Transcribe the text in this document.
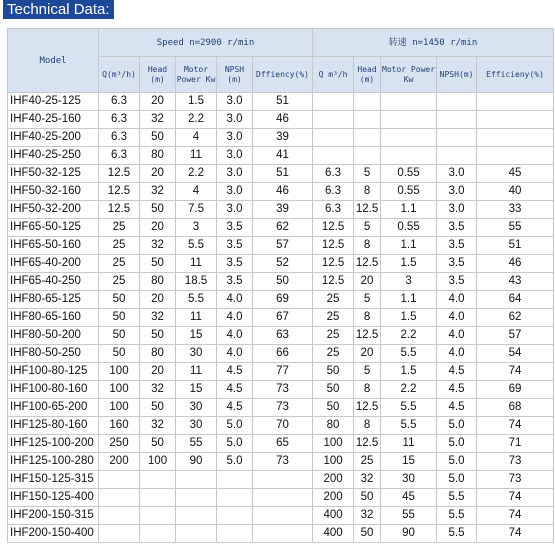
Technical Data:
Model	Speed n=2900 r/min					转速 n=1450 r/min				
	Q(m³/h)	Head (m)	Motor Power Kw	NPSH (m)	Dffiency(%)	Q m³/h	Head (m)	Motor Power Kw	NPSH(m)	Efficieny(%)
IHF40-25-125	6.3	20	1.5	3.0	51					
IHF40-25-160	6.3	32	2.2	3.0	46					
IHF40-25-200	6.3	50	4	3.0	39					
IHF40-25-250	6.3	80	11	3.0	41					
IHF50-32-125	12.5	20	2.2	3.0	51	6.3	5	0.55	3.0	45
IHF50-32-160	12.5	32	4	3.0	46	6.3	8	0.55	3.0	40
IHF50-32-200	12.5	50	7.5	3.0	39	6.3	12.5	1.1	3.0	33
IHF65-50-125	25	20	3	3.5	62	12.5	5	0.55	3.5	55
IHF65-50-160	25	32	5.5	3.5	57	12.5	8	1.1	3.5	51
IHF65-40-200	25	50	11	3.5	52	12.5	12.5	1.5	3.5	46
IHF65-40-250	25	80	18.5	3.5	50	12.5	20	3	3.5	43
IHF80-65-125	50	20	5.5	4.0	69	25	5	1.1	4.0	64
IHF80-65-160	50	32	11	4.0	67	25	8	1.5	4.0	62
IHF80-50-200	50	50	15	4.0	63	25	12.5	2.2	4.0	57
IHF80-50-250	50	80	30	4.0	66	25	20	5.5	4.0	54
IHF100-80-125	100	20	11	4.5	77	50	5	1.5	4.5	74
IHF100-80-160	100	32	15	4.5	73	50	8	2.2	4.5	69
IHF100-65-200	100	50	30	4.5	73	50	12.5	5.5	4.5	68
IHF125-80-160	160	32	30	5.0	70	80	8	5.5	5.0	74
IHF125-100-200	250	50	55	5.0	65	100	12.5	11	5.0	71
IHF125-100-280	200	100	90	5.0	73	100	25	15	5.0	73
IHF150-125-315						200	32	30	5.0	73
IHF150-125-400						200	50	45	5.5	74
IHF200-150-315						400	32	55	5.5	74
IHF200-150-400						400	50	90	5.5	74
